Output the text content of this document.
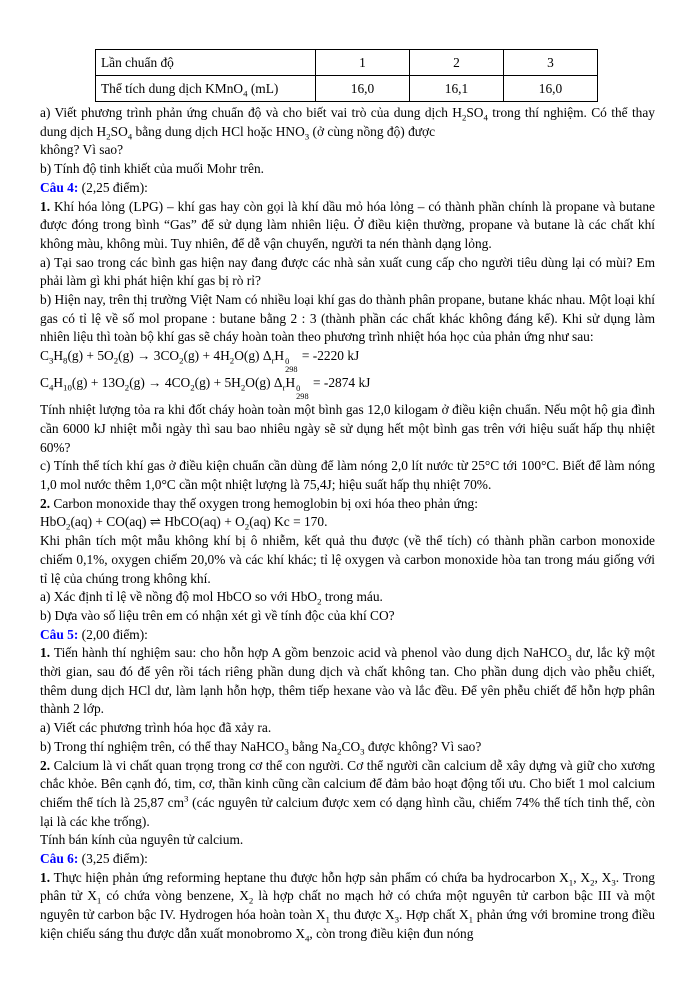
Lần chuẩn độ	1	2	3
Thể tích dung dịch KMnO$_4$ (mL)	16,0	16,1	16,0

a) Viết phương trình phản ứng chuẩn độ và cho biết vai trò của dung dịch $H_2SO_4$ trong thí nghiệm. Có thể thay dung dịch $H_2SO_4$ bằng dung dịch HCl hoặc $HNO_3$ (ở cùng nồng độ) được

không? Vì sao?

b) Tính độ tinh khiết của muối Mohr trên.

Câu 4: (2,25 điểm):

1. Khí hóa lỏng (LPG) – khí gas hay còn gọi là khí dầu mỏ hóa lỏng – có thành phần chính là propane và butane được đóng trong bình “Gas” để sử dụng làm nhiên liệu. Ở điều kiện thường, propane và butane là các chất khí không màu, không mùi. Tuy nhiên, để dễ vận chuyển, người ta nén thành dạng lỏng.

a) Tại sao trong các bình gas hiện nay đang được các nhà sản xuất cung cấp cho người tiêu dùng lại có mùi? Em phải làm gì khi phát hiện khí gas bị rò rỉ?

b) Hiện nay, trên thị trường Việt Nam có nhiều loại khí gas do thành phân propane, butane khác nhau. Một loại khí gas có tỉ lệ về số mol propane : butane bằng 2 : 3 (thành phần các chất khác không đáng kể). Khi sử dụng làm nhiên liệu thì toàn bộ khí gas sẽ cháy hoàn toàn theo phương trình nhiệt hóa học của phản ứng như sau:

$C_3H_8(g) + 5O_2(g) \to 3CO_2(g) + 4H_2O(g)$ $\Delta_rH$ 0
298
= -2220 kJ

$C_4H_{10}(g) + 13O_2(g) \to 4CO_2(g) + 5H_2O(g)$ $\Delta_rH$ 0
298
= -2874 kJ

Tính nhiệt lượng tỏa ra khi đốt cháy hoàn toàn một bình gas 12,0 kilogam ở điều kiện chuẩn. Nếu một hộ gia đình cần 6000 kJ nhiệt mỗi ngày thì sau bao nhiêu ngày sẽ sử dụng hết một bình gas trên với hiệu suất hấp thụ nhiệt 60%?

c) Tính thể tích khí gas ở điều kiện chuẩn cần dùng để làm nóng 2,0 lít nước từ 25°C tới 100°C. Biết để làm nóng 1,0 mol nước thêm 1,0°C cần một nhiệt lượng là 75,4J; hiệu suất hấp thụ nhiệt 70%.

2. Carbon monoxide thay thế oxygen trong hemoglobin bị oxi hóa theo phản ứng:

HbO$_2$(aq) + CO(aq) ⇌ HbCO(aq) + $O_2(aq) Kc = 170$.

Khi phân tích một mẫu không khí bị ô nhiễm, kết quả thu được (về thể tích) có thành phần carbon monoxide chiếm 0,1%, oxygen chiếm 20,0% và các khí khác; tỉ lệ oxygen và carbon monoxide hòa tan trong máu giống với tỉ lệ của chúng trong không khí.

a) Xác định tỉ lệ về nồng độ mol HbCO so với HbO$_2$ trong máu.

b) Dựa vào số liệu trên em có nhận xét gì về tính độc của khí CO?

Câu 5: (2,00 điểm):

1. Tiến hành thí nghiệm sau: cho hỗn hợp A gồm benzoic acid và phenol vào dung dịch NaHCO$_3$ dư, lắc kỹ một thời gian, sau đó để yên rồi tách riêng phần dung dịch và chất không tan. Cho phần dung dịch vào phễu chiết, thêm dung dịch HCl dư, làm lạnh hỗn hợp, thêm tiếp hexane vào và lắc đều. Để yên phễu chiết để hỗn hợp phân thành 2 lớp.

a) Viết các phương trình hóa học đã xảy ra.

b) Trong thí nghiệm trên, có thể thay NaHCO$_3$ bằng $Na_2CO_3$ được không? Vì sao?

2. Calcium là vi chất quan trọng trong cơ thể con người. Cơ thể người cần calcium dễ xây dựng và giữ cho xương chắc khỏe. Bên cạnh đó, tim, cơ, thần kinh cũng cần calcium để đảm bảo hoạt động tối ưu. Cho biết 1 mol calcium chiếm thể tích là 25,87 $cm^3$ (các nguyên tử calcium được xem có dạng hình cầu, chiếm 74% thể tích tinh thể, còn lại là các khe trống).

Tính bán kính của nguyên tử calcium.

Câu 6: (3,25 điểm):

1. Thực hiện phản ứng reforming heptane thu được hỗn hợp sản phẩm có chứa ba hydrocarbon $X_1$, $X_2$, $X_3$. Trong phân tử $X_1$ có chứa vòng benzene, $X_2$ là hợp chất no mạch hở có chứa một nguyên tử carbon bậc III và một nguyên tử carbon bậc IV. Hydrogen hóa hoàn toàn $X_1$ thu được $X_3$. Hợp chất $X_1$ phản ứng với bromine trong điều kiện chiếu sáng thu được dẫn xuất monobromo $X_4$, còn trong điều kiện đun nóng
